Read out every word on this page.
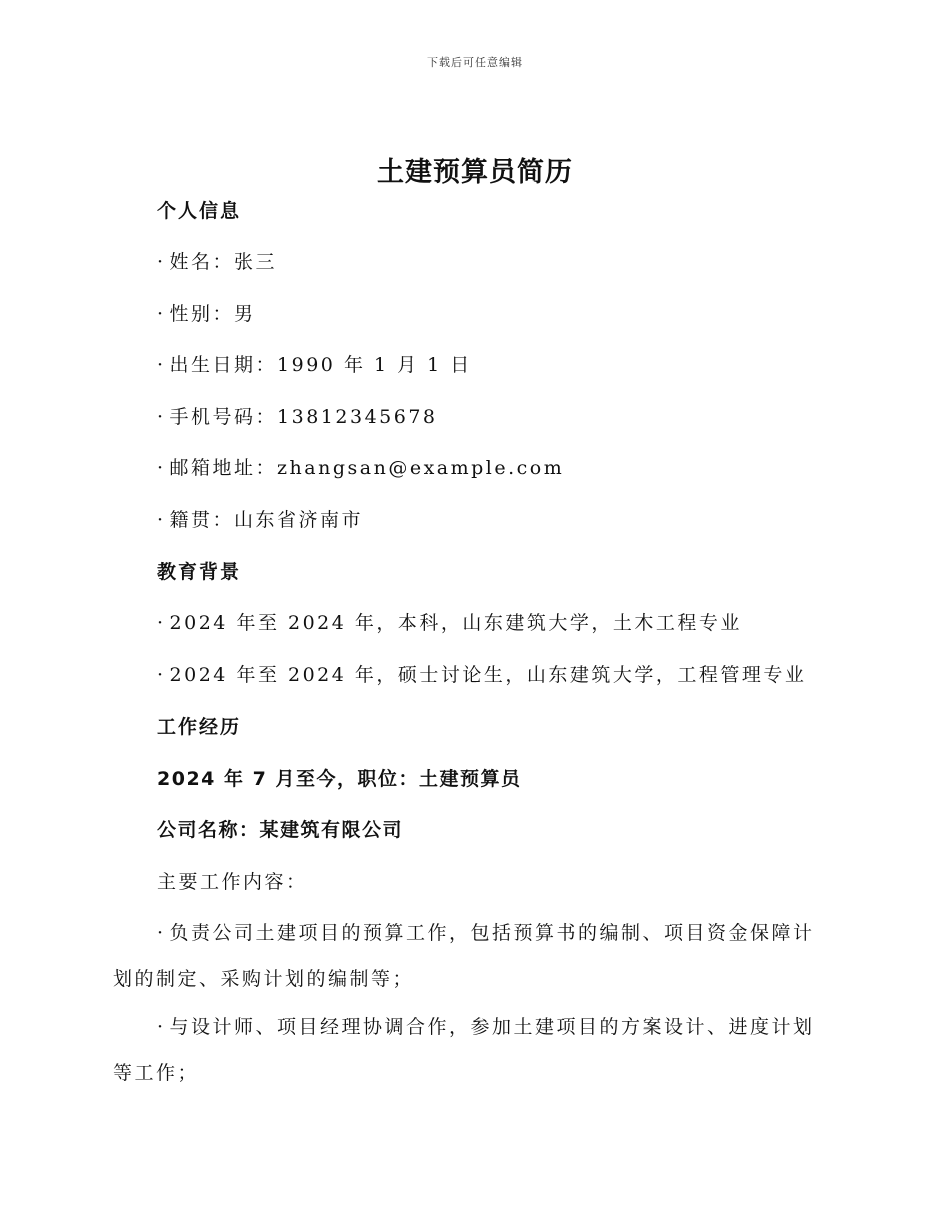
下载后可任意编辑
土建预算员简历
个人信息
· 姓名：张三
· 性别：男
· 出生日期：1990 年 1 月 1 日
· 手机号码：13812345678
· 邮箱地址：zhangsan@example.com
· 籍贯：山东省济南市
教育背景
· 2024 年至 2024 年，本科，山东建筑大学，土木工程专业
· 2024 年至 2024 年，硕士讨论生，山东建筑大学，工程管理专业
工作经历
2024 年 7 月至今，职位：土建预算员
公司名称：某建筑有限公司
主要工作内容：
· 负责公司土建项目的预算工作，包括预算书的编制、项目资金保障计划的制定、采购计划的编制等；
· 与设计师、项目经理协调合作，参加土建项目的方案设计、进度计划等工作；
